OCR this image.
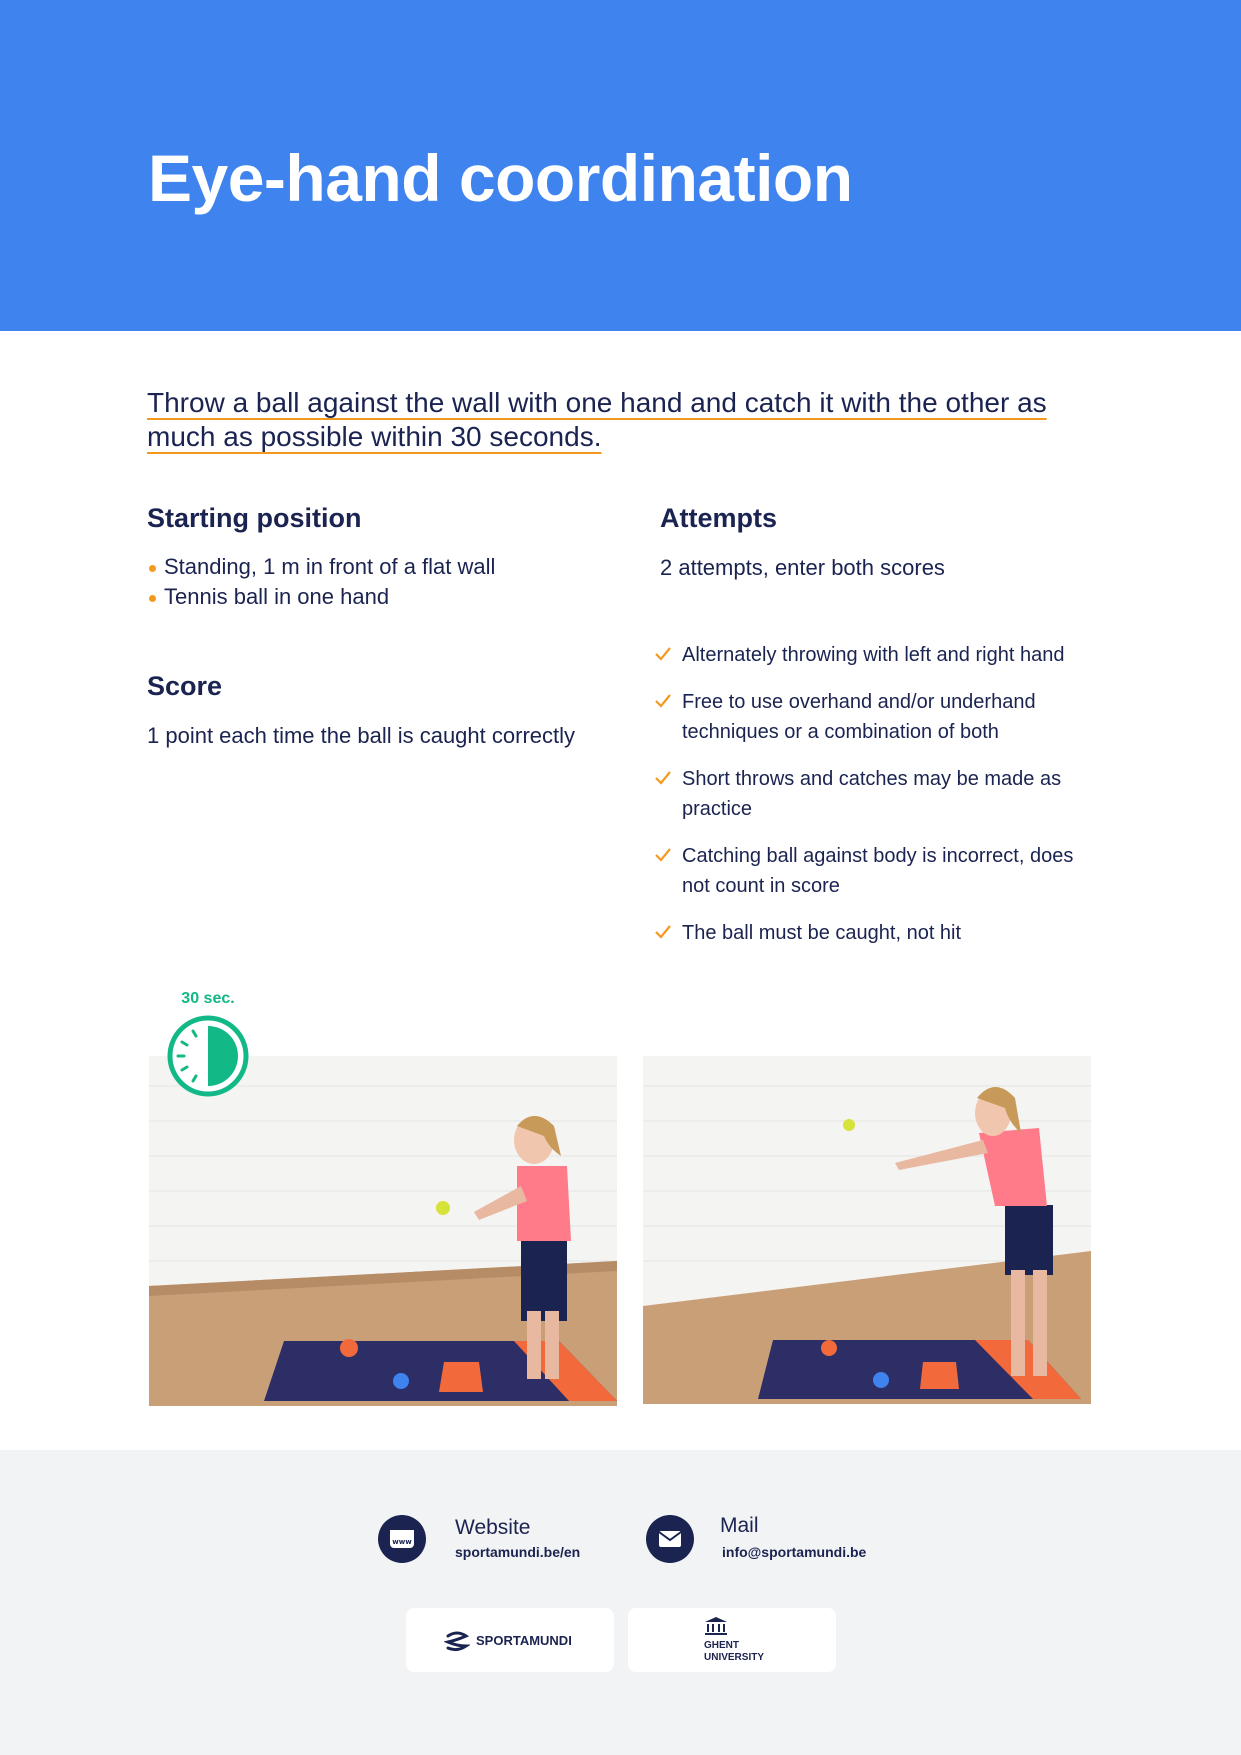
Eye-hand coordination

Throw a ball against the wall with one hand and catch it with the other as
much as possible within 30 seconds.

Starting position
Standing, 1 m in front of a flat wall
Tennis ball in one hand
Score

1 point each time the ball is caught correctly

Attempts

2 attempts, enter both scores

Alternately throwing with left and right hand
Free to use overhand and/or underhand techniques or a combination of both
Short throws and catches may be made as practice
Catching ball against body is incorrect, does not count in score
The ball must be caught, not hit
30 sec.
www
Website
sportamundi.be/en
Mail
info@sportamundi.be
SPORTAMUNDI	GHENT
UNIVERSITY
